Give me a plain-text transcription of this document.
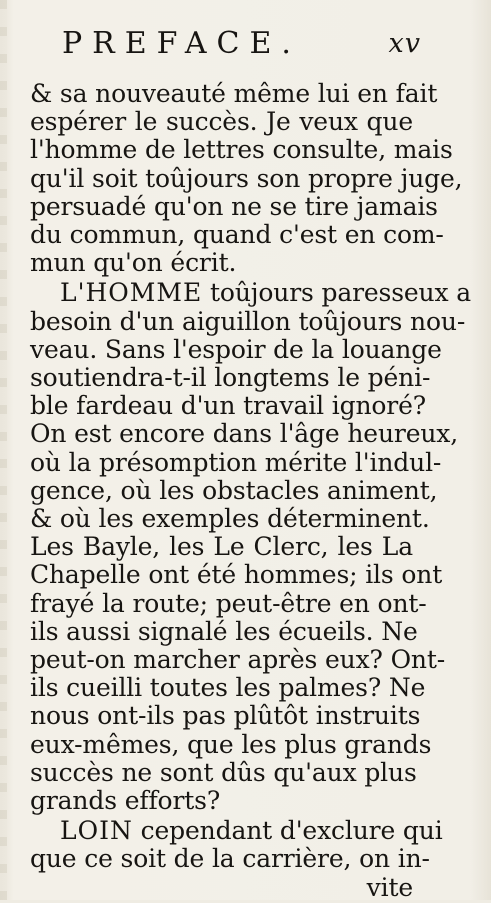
PREFACE.	xv
& sa nouveauté même lui en fait
espérer le succès. Je veux que
l'homme de lettres consulte, mais
qu'il soit toûjours son propre juge,
persuadé qu'on ne se tire jamais
du commun, quand c'est en com-
mun qu'on écrit.
L'HOMME toûjours paresseux a
besoin d'un aiguillon toûjours nou-
veau. Sans l'espoir de la louange
soutiendra-t-il longtems le péni-
ble fardeau d'un travail ignoré?
On est encore dans l'âge heureux,
où la présomption mérite l'indul-
gence, où les obstacles animent,
& où les exemples déterminent.
Les Bayle, les Le Clerc, les La
Chapelle ont été hommes; ils ont
frayé la route; peut-être en ont-
ils aussi signalé les écueils. Ne
peut-on marcher après eux? Ont-
ils cueilli toutes les palmes? Ne
nous ont-ils pas plûtôt instruits
eux-mêmes, que les plus grands
succès ne sont dûs qu'aux plus
grands efforts?
LOIN cependant d'exclure qui
que ce soit de la carrière, on in-
vite
